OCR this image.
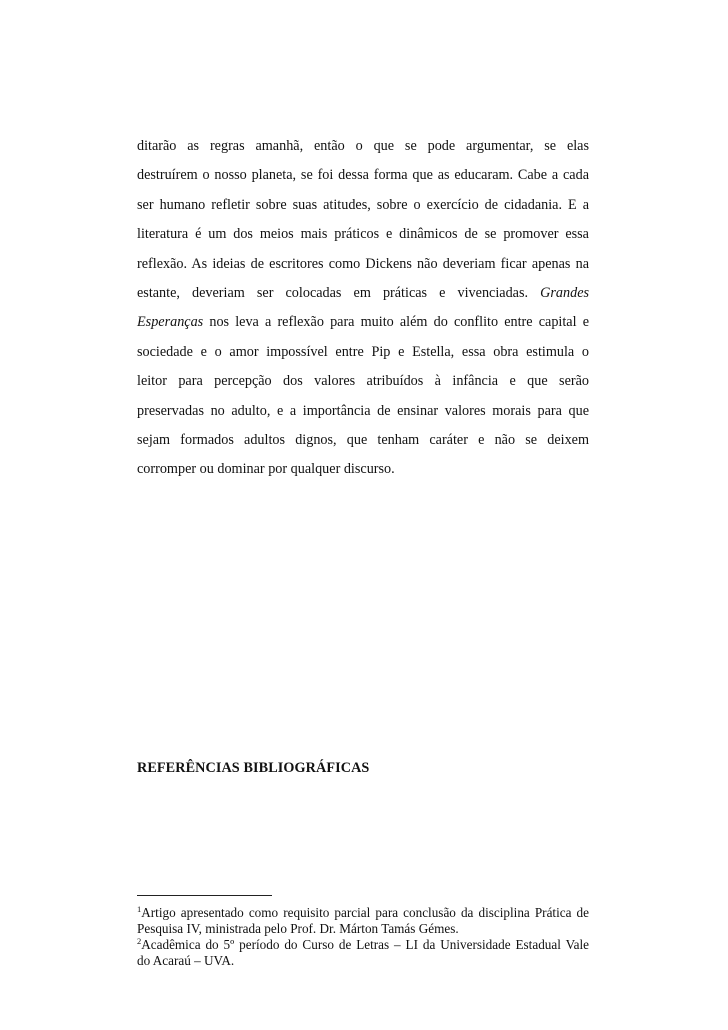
ditarão as regras amanhã, então o que se pode argumentar, se elas
destruírem o nosso planeta, se foi dessa forma que as educaram. Cabe a cada
ser humano refletir sobre suas atitudes, sobre o exercício de cidadania. E a
literatura é um dos meios mais práticos e dinâmicos de se promover essa
reflexão. As ideias de escritores como Dickens não deveriam ficar apenas na
estante, deveriam ser colocadas em práticas e vivenciadas. Grandes
Esperanças nos leva a reflexão para muito além do conflito entre capital e
sociedade e o amor impossível entre Pip e Estella, essa obra estimula o
leitor para percepção dos valores atribuídos à infância e que serão
preservadas no adulto, e a importância de ensinar valores morais para que
sejam formados adultos dignos, que tenham caráter e não se deixem
corromper ou dominar por qualquer discurso.

REFERÊNCIAS BIBLIOGRÁFICAS

$^1$Artigo apresentado como requisito parcial para conclusão da disciplina Prática de
Pesquisa IV, ministrada pelo Prof. Dr. Márton Tamás Gémes.

$^2$Acadêmica do 5º período do Curso de Letras – LI da Universidade Estadual Vale
do Acaraú – UVA.
